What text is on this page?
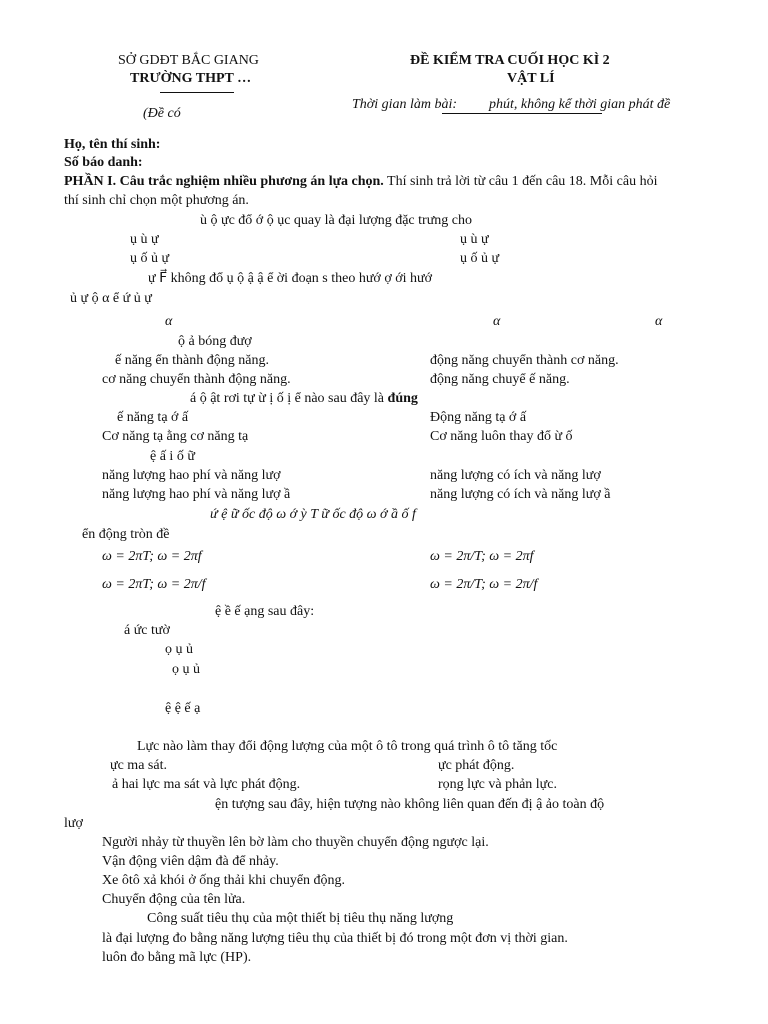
SỞ GDĐT BẮC GIANG
TRƯỜNG THPT …
(Đề có
ĐỀ KIỂM TRA CUỐI HỌC KÌ 2
VẬT LÍ
Thời gian làm bài: phút, không kể thời gian phát đề
Họ, tên thí sinh:
Số báo danh:
PHẦN I. Câu trắc nghiệm nhiều phương án lựa chọn. Thí sinh trả lời từ câu 1 đến câu 18. Mỗi câu hỏi
thí sinh chỉ chọn một phương án.
ù ộ ực đổ ớ ộ ục quay là đại lượng đặc trưng cho
ụ ù ự	ụ ù ự
ụ ố ủ ự	ụ ố ủ ự
ự F⃗ không đổ ụ ộ ậ ậ ể ời đoạn s theo hướ ợ ới hướ
ủ ự ộ α ể ứ ủ ự
α	α	α
ộ ả bóng đượ
ế năng ển thành động năng.	động năng chuyển thành cơ năng.
cơ năng chuyển thành động năng.	động năng chuyể ế năng.
á ộ ật rơi tự ừ ị ố ị ể nào sau đây là đúng
ế năng tạ ớ ấ	Động năng tạ ớ ấ
Cơ năng tạ ằng cơ năng tạ	Cơ năng luôn thay đổ ừ ố
ệ ấ i ố ữ
năng lượng hao phí và năng lượ	năng lượng có ích và năng lượ
năng lượng hao phí và năng lượ ầ	năng lượng có ích và năng lượ ầ
ứ ệ ữ ốc độ ω ớ ỳ T ữ ốc độ ω ớ ầ ố f
ển động tròn đề
ω = 2πT; ω = 2πf	ω = 2π/T; ω = 2πf
ω = 2πT; ω = 2π/f	ω = 2π/T; ω = 2π/f
ệ ề ế ạng sau đây:
á ức tườ
ọ ụ ủ
ọ ụ ủ
ệ ệ ế ạ
Lực nào làm thay đổi động lượng của một ô tô trong quá trình ô tô tăng tốc
ực ma sát.	ực phát động.
ả hai lực ma sát và lực phát động.	rọng lực và phản lực.
ện tượng sau đây, hiện tượng nào không liên quan đến đị ậ ảo toàn độ
lượ
Người nhảy từ thuyền lên bờ làm cho thuyền chuyển động ngược lại.
Vận động viên dậm đà để nhảy.
Xe ôtô xả khói ở ống thải khi chuyển động.
Chuyển động của tên lửa.
Công suất tiêu thụ của một thiết bị tiêu thụ năng lượng
là đại lượng đo bằng năng lượng tiêu thụ của thiết bị đó trong một đơn vị thời gian.
luôn đo bằng mã lực (HP).
